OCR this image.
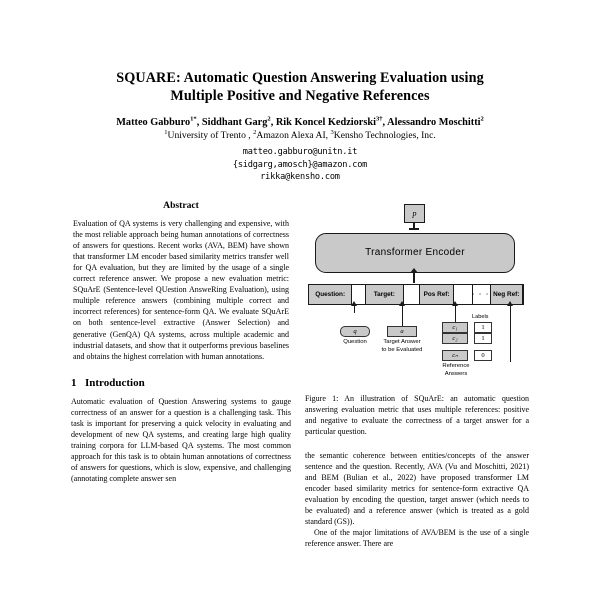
SQUARE: Automatic Question Answering Evaluation using
Multiple Positive and Negative References
Matteo Gabburo$^{1*}$, Siddhant Garg$^2$, Rik Koncel Kedziorski$^{3\dagger}$, Alessandro Moschitti$^2$
$^1$University of Trento , $^2$Amazon Alexa AI, $^3$Kensho Technologies, Inc.
matteo.gabburo@unitn.it
{sidgarg,amosch}@amazon.com
rikka@kensho.com
Abstract

Evaluation of QA systems is very challenging and expensive, with the most reliable approach being human annotations of correctness of answers for questions. Recent works (AVA, BEM) have shown that transformer LM encoder based similarity metrics transfer well for QA evaluation, but they are limited by the usage of a single correct reference answer. We propose a new evaluation metric: SQuArE (Sentence-level QUestion AnsweRing Evaluation), using multiple reference answers (combining multiple correct and incorrect references) for sentence-form QA. We evaluate SQuArE on both sentence-level extractive (Answer Selection) and generative (GenQA) QA systems, across multiple academic and industrial datasets, and show that it outperforms previous baselines and obtains the highest correlation with human annotations.

1 Introduction

Automatic evaluation of Question Answering systems to gauge correctness of an answer for a question is a challenging task. This task is important for preserving a quick velocity in evaluating and development of new QA systems, and creating large high quality training corpora for LLM-based QA systems. The most common approach for this task is to obtain human annotations of correctness of answers for questions, which is slow, expensive, and challenging (annotating complete answer sen

p
Transformer Encoder
Question:	Target:	Pos Ref:	· · · Neg Ref:
q
Question
a
Target Answer
to be Evaluated
Labels
c₁
c₂
cₙ
1
1
0
Reference
Answers

Figure 1: An illustration of SQuArE: an automatic question answering evaluation metric that uses multiple references: positive and negative to evaluate the correctness of a target answer for a particular question.

the semantic coherence between entities/concepts of the answer sentence and the question. Recently, AVA (Vu and Moschitti, 2021) and BEM (Bulian et al., 2022) have proposed transformer LM encoder based similarity metrics for sentence-form extractive QA evaluation by encoding the question, target answer (which needs to be evaluated) and a reference answer (which is treated as a gold standard (GS)).

One of the major limitations of AVA/BEM is the use of a single reference answer. There are
